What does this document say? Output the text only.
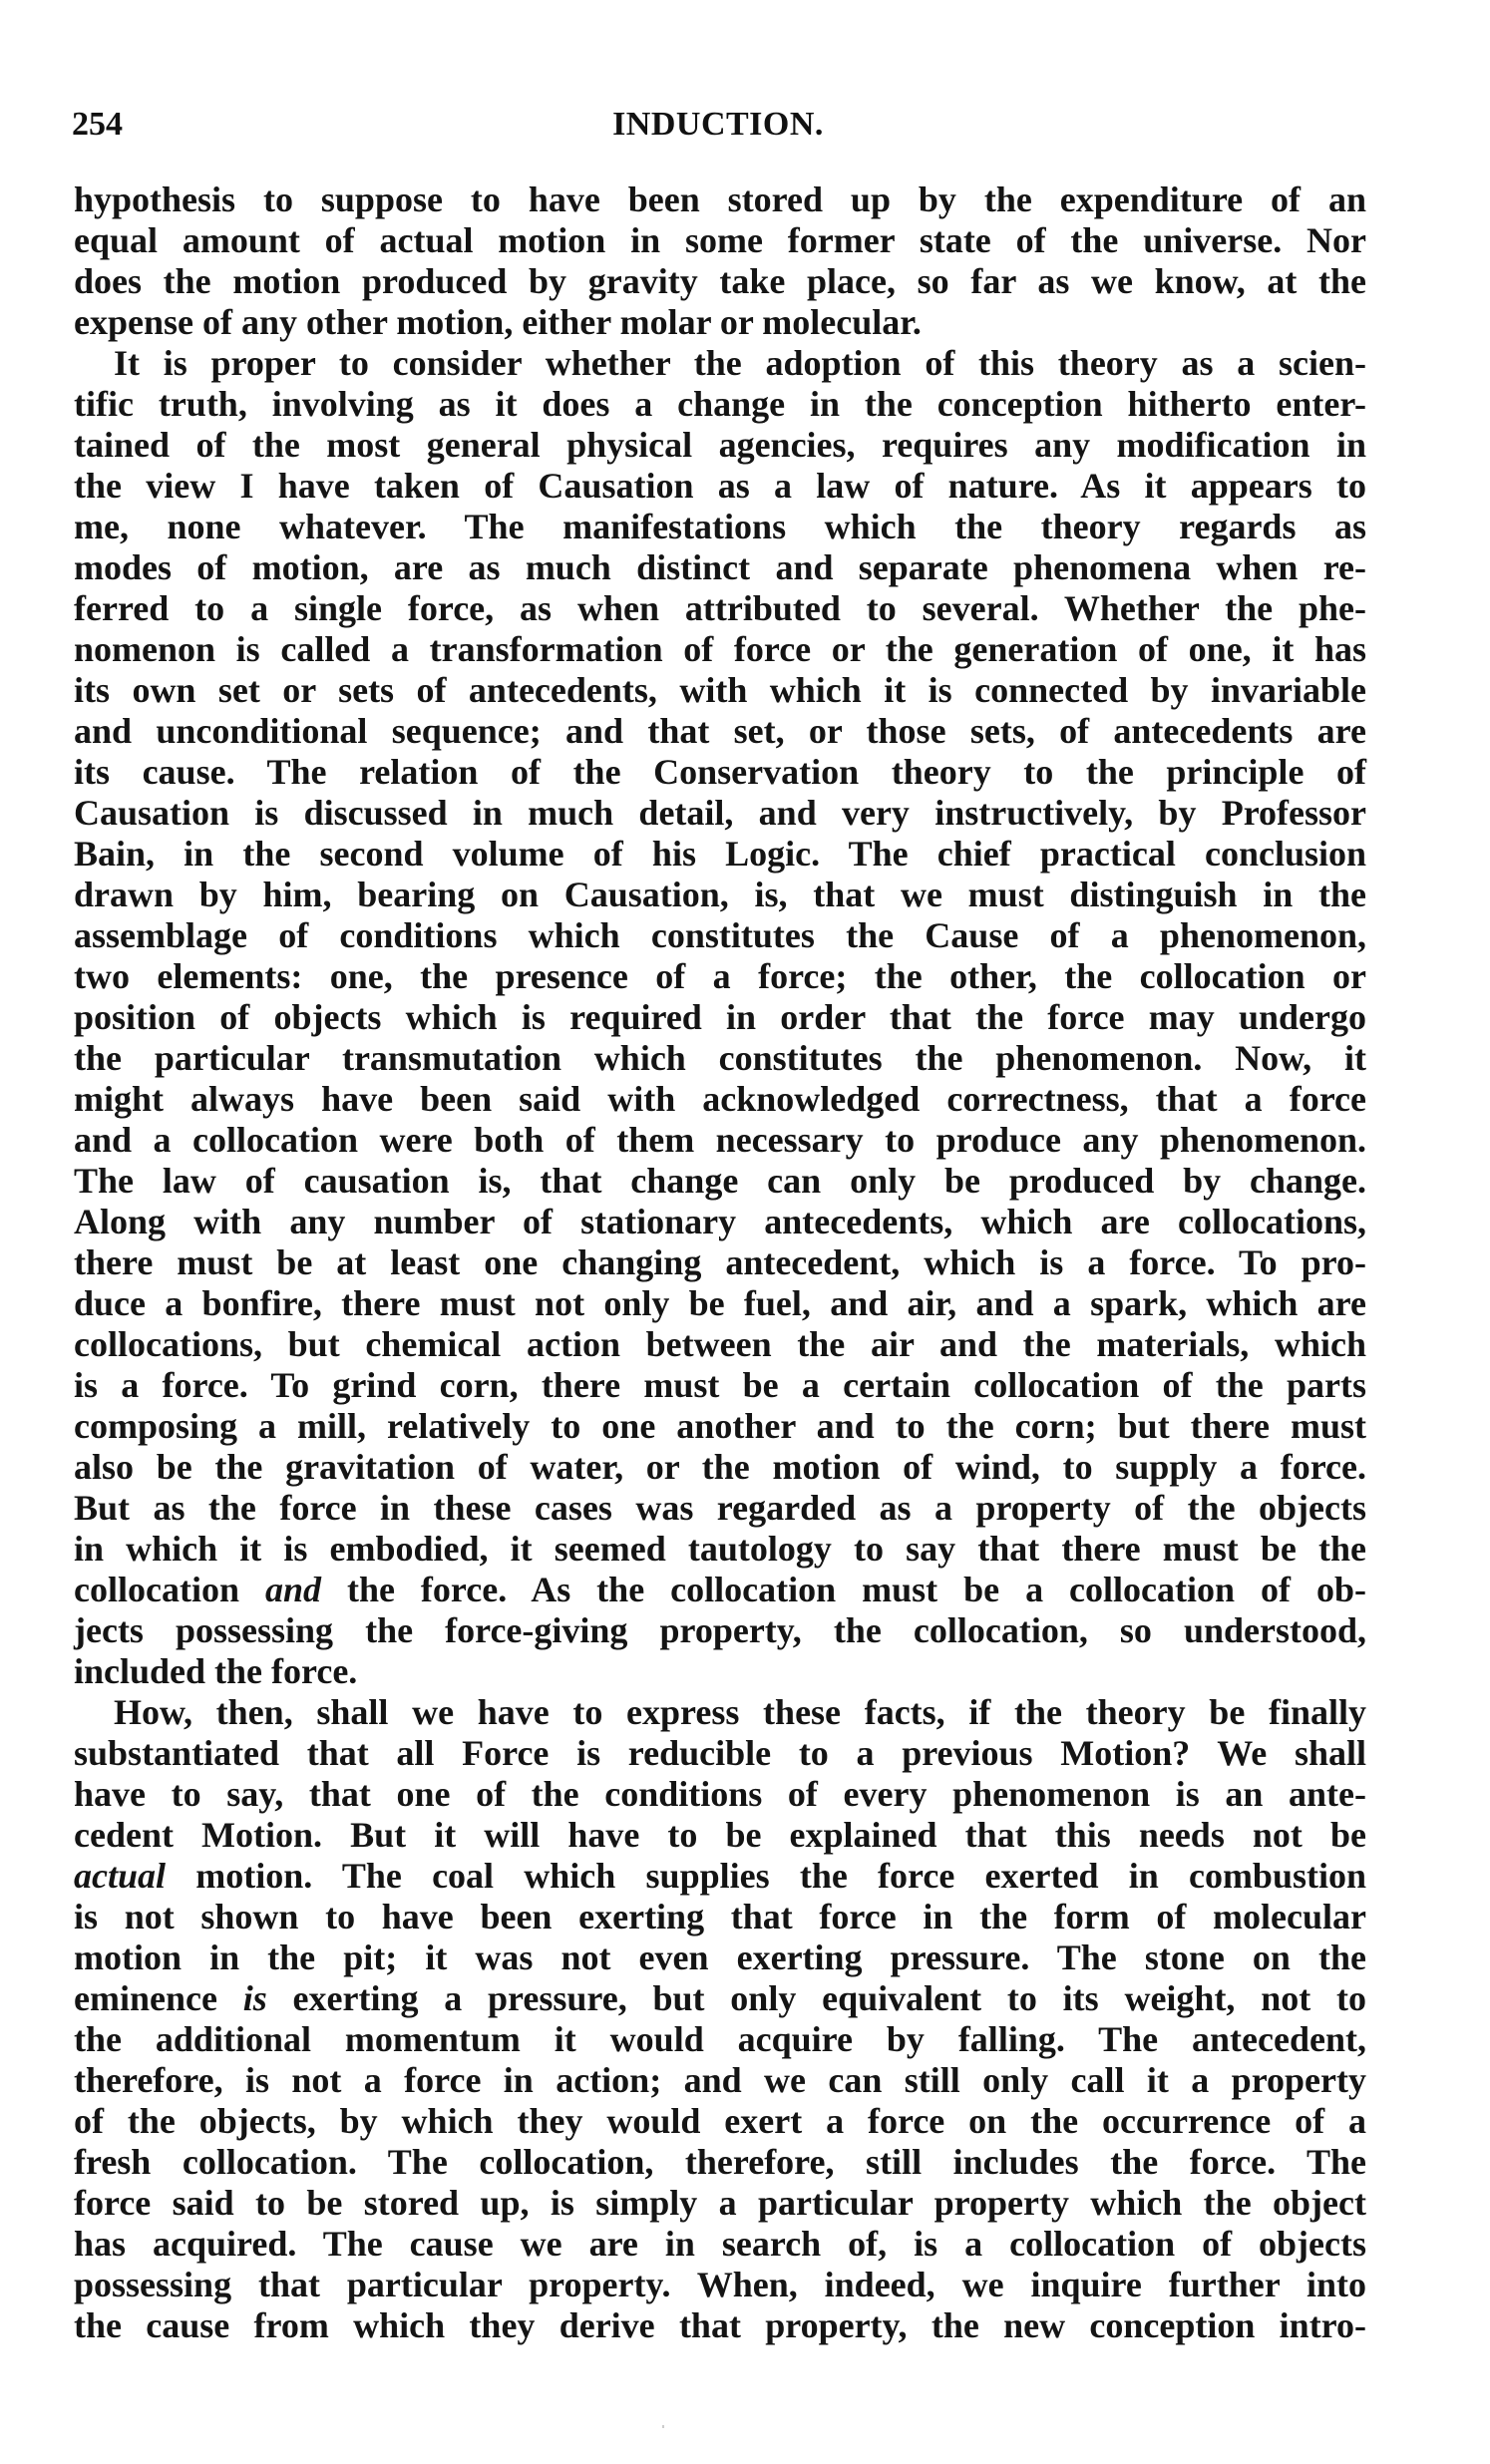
254	INDUCTION.
hypothesis to suppose to have been stored up by the expenditure of an
equal amount of actual motion in some former state of the universe. Nor
does the motion produced by gravity take place, so far as we know, at the
expense of any other motion, either molar or molecular.
It is proper to consider whether the adoption of this theory as a scien-
tific truth, involving as it does a change in the conception hitherto enter-
tained of the most general physical agencies, requires any modification in
the view I have taken of Causation as a law of nature. As it appears to
me, none whatever. The manifestations which the theory regards as
modes of motion, are as much distinct and separate phenomena when re-
ferred to a single force, as when attributed to several. Whether the phe-
nomenon is called a transformation of force or the generation of one, it has
its own set or sets of antecedents, with which it is connected by invariable
and unconditional sequence; and that set, or those sets, of antecedents are
its cause. The relation of the Conservation theory to the principle of
Causation is discussed in much detail, and very instructively, by Professor
Bain, in the second volume of his Logic. The chief practical conclusion
drawn by him, bearing on Causation, is, that we must distinguish in the
assemblage of conditions which constitutes the Cause of a phenomenon,
two elements: one, the presence of a force; the other, the collocation or
position of objects which is required in order that the force may undergo
the particular transmutation which constitutes the phenomenon. Now, it
might always have been said with acknowledged correctness, that a force
and a collocation were both of them necessary to produce any phenomenon.
The law of causation is, that change can only be produced by change.
Along with any number of stationary antecedents, which are collocations,
there must be at least one changing antecedent, which is a force. To pro-
duce a bonfire, there must not only be fuel, and air, and a spark, which are
collocations, but chemical action between the air and the materials, which
is a force. To grind corn, there must be a certain collocation of the parts
composing a mill, relatively to one another and to the corn; but there must
also be the gravitation of water, or the motion of wind, to supply a force.
But as the force in these cases was regarded as a property of the objects
in which it is embodied, it seemed tautology to say that there must be the
collocation and the force. As the collocation must be a collocation of ob-
jects possessing the force-giving property, the collocation, so understood,
included the force.
How, then, shall we have to express these facts, if the theory be finally
substantiated that all Force is reducible to a previous Motion? We shall
have to say, that one of the conditions of every phenomenon is an ante-
cedent Motion. But it will have to be explained that this needs not be
actual motion. The coal which supplies the force exerted in combustion
is not shown to have been exerting that force in the form of molecular
motion in the pit; it was not even exerting pressure. The stone on the
eminence is exerting a pressure, but only equivalent to its weight, not to
the additional momentum it would acquire by falling. The antecedent,
therefore, is not a force in action; and we can still only call it a property
of the objects, by which they would exert a force on the occurrence of a
fresh collocation. The collocation, therefore, still includes the force. The
force said to be stored up, is simply a particular property which the object
has acquired. The cause we are in search of, is a collocation of objects
possessing that particular property. When, indeed, we inquire further into
the cause from which they derive that property, the new conception intro-
